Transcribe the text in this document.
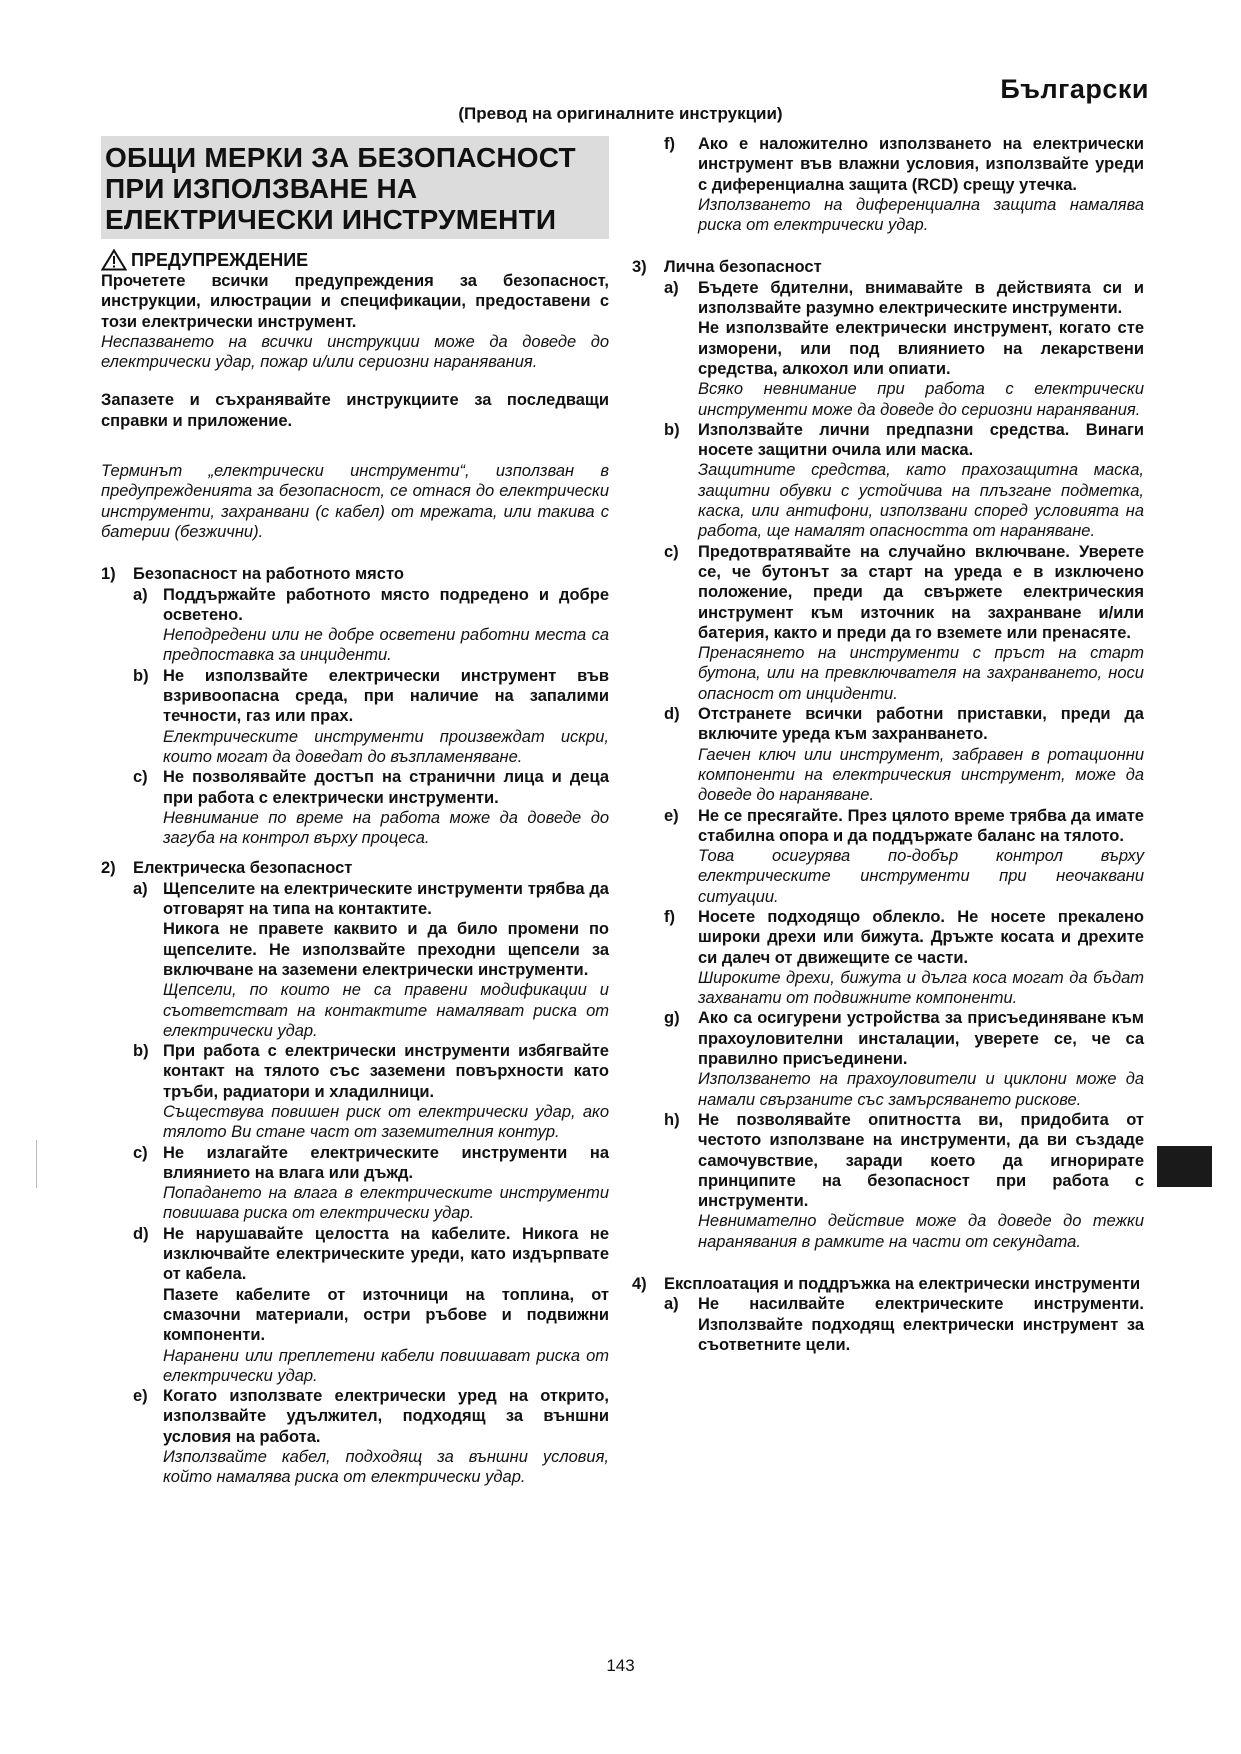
Български
(Превод на оригиналните инструкции)
ОБЩИ МЕРКИ ЗА БЕЗОПАСНОСТ ПРИ ИЗПОЛЗВАНЕ НА ЕЛЕКТРИЧЕСКИ ИНСТРУМЕНТИ
ПРЕДУПРЕЖДЕНИЕ
Прочетете всички предупреждения за безопасност, инструкции, илюстрации и спецификации, предоставени с този електрически инструмент.
Неспазването на всички инструкции може да доведе до електрически удар, пожар и/или сериозни наранявания.
Запазете и съхранявайте инструкциите за последващи справки и приложение.
Терминът „електрически инструменти“, използван в предупрежденията за безопасност, се отнася до електрически инструменти, захранвани (с кабел) от мрежата, или такива с батерии (безжични).
1)	Безопасност на работното място
a) Поддържайте работното място подредено и добре осветено.
Неподредени или не добре осветени работни места са предпоставка за инциденти.
b) Не използвайте електрически инструмент във взривоопасна среда, при наличие на запалими течности, газ или прах.
Електрическите инструменти произвеждат искри, които могат да доведат до възпламеняване.
c) Не позволявайте достъп на странични лица и деца при работа с електрически инструменти.
Невнимание по време на работа може да доведе до загуба на контрол върху процеса.
2)	Електрическа безопасност
a) Щепселите на електрическите инструменти трябва да отговарят на типа на контактите.
Никога не правете каквито и да било промени по щепселите. Не използвайте преходни щепсели за включване на заземени електрически инструменти.
Щепсели, по които не са правени модификации и съответстват на контактите намаляват риска от електрически удар.
b) При работа с електрически инструменти избягвайте контакт на тялото със заземени повърхности като тръби, радиатори и хладилници.
Съществува повишен риск от електрически удар, ако тялото Ви стане част от заземителния контур.
c) Не излагайте електрическите инструменти на влиянието на влага или дъжд.
Попадането на влага в електрическите инструменти повишава риска от електрически удар.
d) Не нарушавайте целостта на кабелите. Никога не изключвайте електрическите уреди, като издърпвате от кабела.
Пазете кабелите от източници на топлина, от смазочни материали, остри ръбове и подвижни компоненти.
Наранени или преплетени кабели повишават риска от електрически удар.
e) Когато използвате електрически уред на открито, използвайте удължител, подходящ за външни условия на работа.
Използвайте кабел, подходящ за външни условия, който намалява риска от електрически удар.
f)	Ако е наложително използването на електрически инструмент във влажни условия, използвайте уреди с диференциална защита (RCD) срещу утечка.
Използването на диференциална защита намалява риска от електрически удар.
3)	Лична безопасност
a)	Бъдете бдителни, внимавайте в действията си и използвайте разумно електрическите инструменти.
Не използвайте електрически инструмент, когато сте изморени, или под влиянието на лекарствени средства, алкохол или опиати.
Всяко невнимание при работа с електрически инструменти може да доведе до сериозни наранявания.
b)	Използвайте лични предпазни средства. Винаги носете защитни очила или маска.
Защитните средства, като прахозащитна маска, защитни обувки с устойчива на плъзгане подметка, каска, или антифони, използвани според условията на работа, ще намалят опасността от нараняване.
c)	Предотвратявайте на случайно включване. Уверете се, че бутонът за старт на уреда е в изключено положение, преди да свържете електрическия инструмент към източник на захранване и/или батерия, както и преди да го вземете или пренасяте.
Пренасянето на инструменти с пръст на старт бутона, или на превключвателя на захранването, носи опасност от инциденти.
d)	Отстранете всички работни приставки, преди да включите уреда към захранването.
Гаечен ключ или инструмент, забравен в ротационни компоненти на електрическия инструмент, може да доведе до нараняване.
e)	Не се пресягайте. През цялото време трябва да имате стабилна опора и да поддържате баланс на тялото.
Това осигурява по-добър контрол върху електрическите инструменти при неочаквани ситуации.
f)	Носете подходящо облекло. Не носете прекалено широки дрехи или бижута. Дръжте косата и дрехите си далеч от движещите се части.
Широките дрехи, бижута и дълга коса могат да бъдат захванати от подвижните компоненти.
g)	Ако са осигурени устройства за присъединяване към прахоуловителни инсталации, уверете се, че са правилно присъединени.
Използването на прахоуловители и циклони може да намали свързаните със замърсяването рискове.
h)	Не позволявайте опитността ви, придобита от честото използване на инструменти, да ви създаде самочувствие, заради което да игнорирате принципите на безопасност при работа с инструменти.
Невнимателно действие може да доведе до тежки наранявания в рамките на части от секундата.
4)	Експлоатация и поддръжка на електрически инструменти
a)	Не насилвайте електрическите инструменти. Използвайте подходящ електрически инструмент за съответните цели.
143
